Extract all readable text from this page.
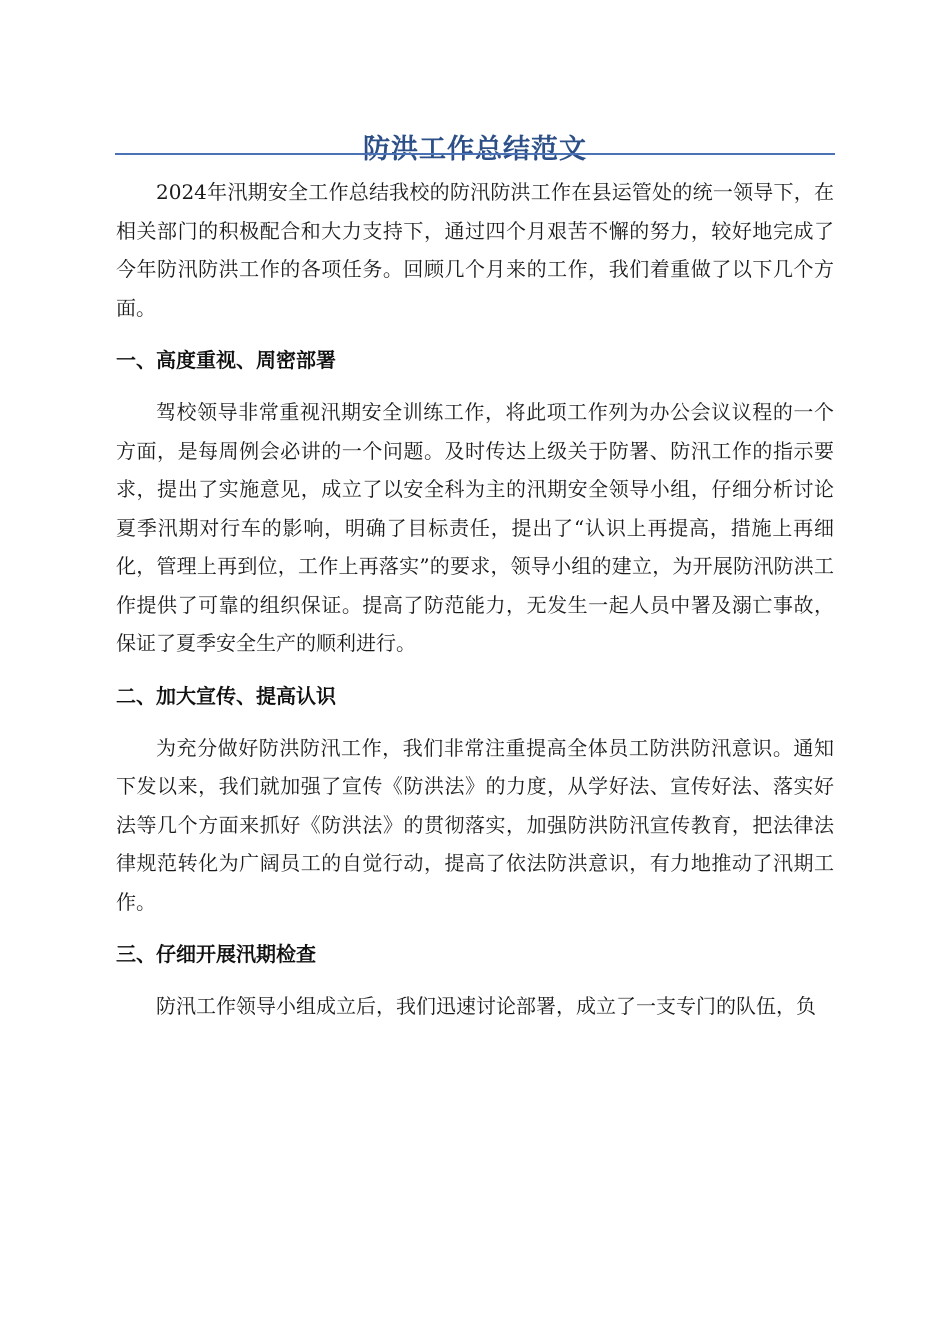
防洪工作总结范文

2024年汛期安全工作总结我校的防汛防洪工作在县运管处的统一领导下，在相关部门的积极配合和大力支持下，通过四个月艰苦不懈的努力，较好地完成了今年防汛防洪工作的各项任务。回顾几个月来的工作，我们着重做了以下几个方面。

一、高度重视、周密部署

驾校领导非常重视汛期安全训练工作，将此项工作列为办公会议议程的一个方面，是每周例会必讲的一个问题。及时传达上级关于防署、防汛工作的指示要求，提出了实施意见，成立了以安全科为主的汛期安全领导小组，仔细分析讨论夏季汛期对行车的影响，明确了目标责任，提出了“认识上再提高，措施上再细化，管理上再到位，工作上再落实”的要求，领导小组的建立，为开展防汛防洪工作提供了可靠的组织保证。提高了防范能力，无发生一起人员中署及溺亡事故，保证了夏季安全生产的顺利进行。

二、加大宣传、提高认识

为充分做好防洪防汛工作，我们非常注重提高全体员工防洪防汛意识。通知下发以来，我们就加强了宣传《防洪法》的力度，从学好法、宣传好法、落实好法等几个方面来抓好《防洪法》的贯彻落实，加强防洪防汛宣传教育，把法律法律规范转化为广阔员工的自觉行动，提高了依法防洪意识，有力地推动了汛期工作。

三、仔细开展汛期检查

防汛工作领导小组成立后，我们迅速讨论部署，成立了一支专门的队伍，负
